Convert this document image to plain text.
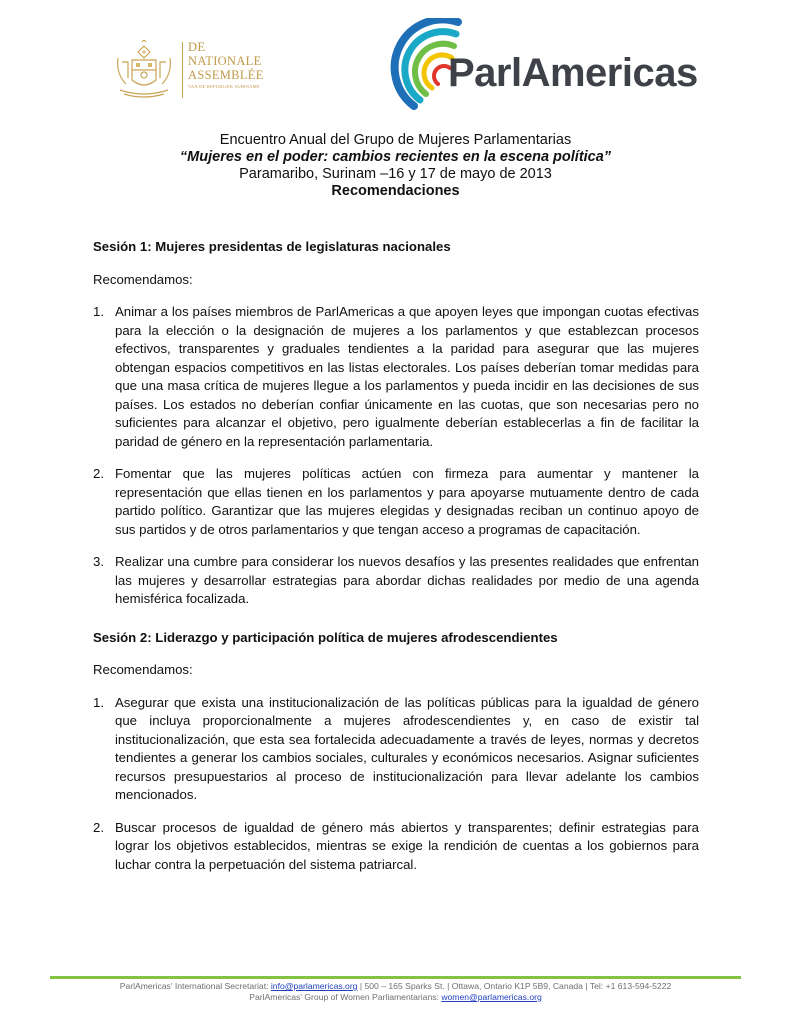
DE
NATIONALE
ASSEMBLÉE
VAN DE REPUBLIEK SURINAME	ParlAmericas
Encuentro Anual del Grupo de Mujeres Parlamentarias
“Mujeres en el poder: cambios recientes en la escena política”
Paramaribo, Surinam –16 y 17 de mayo de 2013
Recomendaciones

Sesión 1: Mujeres presidentas de legislaturas nacionales

Recomendamos:
1. Animar a los países miembros de ParlAmericas a que apoyen leyes que impongan cuotas efectivas para la elección o la designación de mujeres a los parlamentos y que establezcan procesos efectivos, transparentes y graduales tendientes a la paridad para asegurar que las mujeres obtengan espacios competitivos en las listas electorales. Los países deberían tomar medidas para que una masa crítica de mujeres llegue a los parlamentos y pueda incidir en las decisiones de sus países. Los estados no deberían confiar únicamente en las cuotas, que son necesarias pero no suficientes para alcanzar el objetivo, pero igualmente deberían establecerlas a fin de facilitar la paridad de género en la representación parlamentaria.
2. Fomentar que las mujeres políticas actúen con firmeza para aumentar y mantener la representación que ellas tienen en los parlamentos y para apoyarse mutuamente dentro de cada partido político. Garantizar que las mujeres elegidas y designadas reciban un continuo apoyo de sus partidos y de otros parlamentarios y que tengan acceso a programas de capacitación.
3. Realizar una cumbre para considerar los nuevos desafíos y las presentes realidades que enfrentan las mujeres y desarrollar estrategias para abordar dichas realidades por medio de una agenda hemisférica focalizada.

Sesión 2: Liderazgo y participación política de mujeres afrodescendientes

Recomendamos:
1. Asegurar que exista una institucionalización de las políticas públicas para la igualdad de género que incluya proporcionalmente a mujeres afrodescendientes y, en caso de existir tal institucionalización, que esta sea fortalecida adecuadamente a través de leyes, normas y decretos tendientes a generar los cambios sociales, culturales y económicos necesarios. Asignar suficientes recursos presupuestarios al proceso de institucionalización para llevar adelante los cambios mencionados.
2. Buscar procesos de igualdad de género más abiertos y transparentes; definir estrategias para lograr los objetivos establecidos, mientras se exige la rendición de cuentas a los gobiernos para luchar contra la perpetuación del sistema patriarcal.
ParlAmericas' International Secretariat: info@parlamericas.org | 500 – 165 Sparks St. | Ottawa, Ontario K1P 5B9, Canada | Tel: +1 613-594-5222
ParlAmericas' Group of Women Parliamentarians: women@parlamericas.org
